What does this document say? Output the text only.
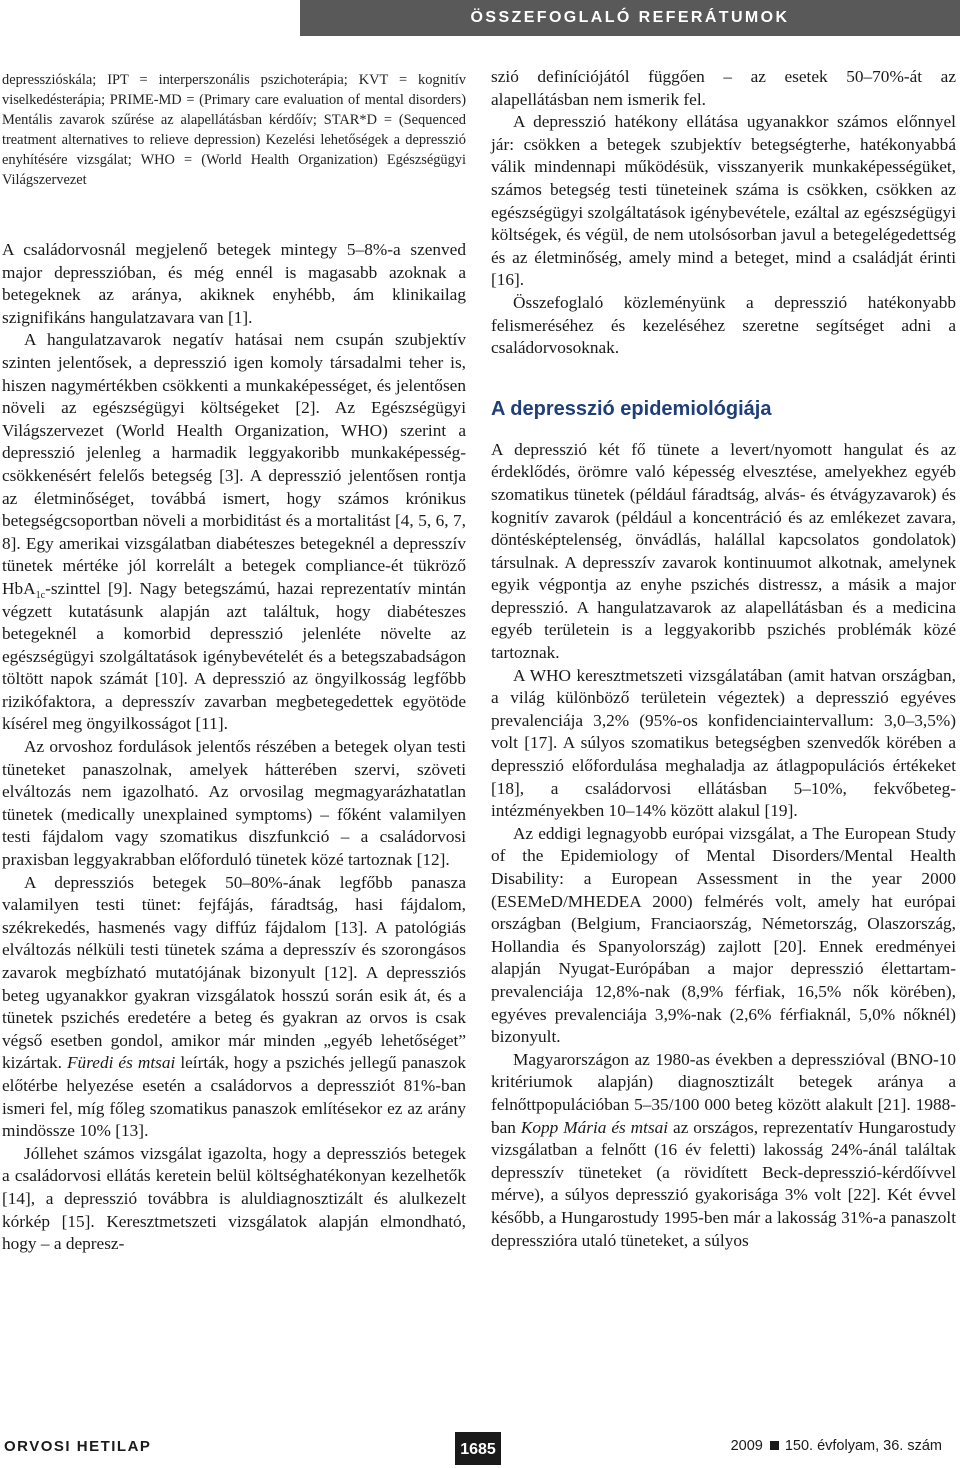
ÖSSZEFOGLALÓ REFERÁTUMOK

depressziós​kála; IPT = interperszonális pszichoterápia; KVT = kognitív viselkedésterápia; PRIME-MD = (Primary care evaluation of mental disorders) Mentális zavarok szűrése az alapellátásban kérdőív; STAR*D = (Sequenced treatment alternatives to relieve depression) Kezelési lehetőségek a depresszió enyhítésére vizsgálat; WHO = (World Health Organization) Egészségügyi Világszervezet

A családorvosnál megjelenő betegek mintegy 5–8%-a szenved major depresszióban, és még ennél is magasabb azoknak a betegeknek az aránya, akiknek enyhébb, ám klinikailag szignifikáns hangulatzavara van [1].

A hangulatzavarok negatív hatásai nem csupán szubjektív szinten jelentősek, a depresszió igen komoly társadalmi teher is, hiszen nagymértékben csökkenti a munkaképességet, és jelentősen növeli az egészségügyi költségeket [2]. Az Egészségügyi Világszervezet (World Health Organization, WHO) szerint a depresszió jelenleg a harmadik leggyakoribb munkaképesség-csökkenésért felelős betegség [3]. A depresszió jelentősen rontja az életminőséget, továbbá ismert, hogy számos krónikus betegségcsoportban növeli a morbiditást és a mortalitást [4, 5, 6, 7, 8]. Egy amerikai vizsgálatban diabéteszes betegeknél a depresszív tünetek mértéke jól korrelált a betegek compliance-ét tükröző HbA$_{1c}$-szinttel [9]. Nagy betegszámú, hazai reprezentatív mintán végzett kutatásunk alapján azt találtuk, hogy diabéteszes betegeknél a komorbid depresszió jelenléte növelte az egészségügyi szolgáltatások igénybevételét és a betegszabadságon töltött napok számát [10]. A depresszió az öngyilkosság legfőbb rizikófaktora, a depresszív zavarban megbetegedettek egyötöde kísérel meg öngyilkosságot [11].

Az orvoshoz fordulások jelentős részében a betegek olyan testi tüneteket panaszolnak, amelyek hátterében szervi, szöveti elváltozás nem igazolható. Az orvosilag megmagyarázhatatlan tünetek (medically unexplained symptoms) – főként valamilyen testi fájdalom vagy szomatikus diszfunkció – a családorvosi praxisban leggyakrabban előforduló tünetek közé tartoznak [12].

A depressziós betegek 50–80%-ának legfőbb panasza valamilyen testi tünet: fejfájás, fáradtság, hasi fájdalom, székrekedés, hasmenés vagy diffúz fájdalom [13]. A patológiás elváltozás nélküli testi tünetek száma a depresszív és szorongásos zavarok megbízható mutatójának bizonyult [12]. A depressziós beteg ugyanakkor gyakran vizsgálatok hosszú során esik át, és a tünetek pszichés eredetére a beteg és gyakran az orvos is csak végső esetben gondol, amikor már minden „egyéb lehetőséget” kizártak. Füredi és mtsai leírták, hogy a pszichés jellegű panaszok előtérbe helyezése esetén a családorvos a depressziót 81%-ban ismeri fel, míg főleg szomatikus panaszok említésekor ez az arány mindössze 10% [13].

Jóllehet számos vizsgálat igazolta, hogy a depressziós betegek a családorvosi ellátás keretein belül költséghatékonyan kezelhetők [14], a depresszió továbbra is aluldiagnosztizált és alulkezelt kórkép [15]. Keresztmetszeti vizsgálatok alapján elmondható, hogy – a depresz-

szió definíciójától függően – az esetek 50–70%-át az alapellátásban nem ismerik fel.

A depresszió hatékony ellátása ugyanakkor számos előnnyel jár: csökken a betegek szubjektív betegségterhe, hatékonyabbá válik mindennapi működésük, visszanyerik munkaképességüket, számos betegség testi tüneteinek száma is csökken, csökken az egészségügyi szolgáltatások igénybevétele, ezáltal az egészségügyi költségek, és végül, de nem utolsósorban javul a betegelégedettség és az életminőség, amely mind a beteget, mind a családját érinti [16].

Összefoglaló közleményünk a depresszió hatékonyabb felismeréséhez és kezeléséhez szeretne segítséget adni a családorvosoknak.

A depresszió epidemiológiája

A depresszió két fő tünete a levert/nyomott hangulat és az érdeklődés, örömre való képesség elvesztése, amelyekhez egyéb szomatikus tünetek (például fáradtság, alvás- és étvágyzavarok) és kognitív zavarok (például a koncentráció és az emlékezet zavara, döntésképtelenség, önvádlás, halállal kapcsolatos gondolatok) társulnak. A depresszív zavarok kontinuumot alkotnak, amelynek egyik végpontja az enyhe pszichés distressz, a másik a major depresszió. A hangulatzavarok az alapellátásban és a medicina egyéb területein is a leggyakoribb pszichés problémák közé tartoznak.

A WHO keresztmetszeti vizsgálatában (amit hatvan országban, a világ különböző területein végeztek) a depresszió egyéves prevalenciája 3,2% (95%-os konfidenciaintervallum: 3,0–3,5%) volt [17]. A súlyos szomatikus betegségben szenvedők körében a depresszió előfordulása meghaladja az átlagpopulációs értékeket [18], a családorvosi ellátásban 5–10%, fekvőbeteg-intézményekben 10–14% között alakul [19].

Az eddigi legnagyobb európai vizsgálat, a The European Study of the Epidemiology of Mental Disorders/Mental Health Disability: a European Assessment in the year 2000 (ESEMeD/MHEDEA 2000) felmérés volt, amely hat európai országban (Belgium, Franciaország, Németország, Olaszország, Hollandia és Spanyolország) zajlott [20]. Ennek eredményei alapján Nyugat-Európában a major depresszió élettartam-prevalenciája 12,8%-nak (8,9% férfiak, 16,5% nők körében), egyéves prevalenciája 3,9%-nak (2,6% férfiaknál, 5,0% nőknél) bizonyult.

Magyarországon az 1980-as években a depresszióval (BNO-10 kritériumok alapján) diagnosztizált betegek aránya a felnőttpopulációban 5–35/100 000 beteg között alakult [21]. 1988-ban Kopp Mária és mtsai az országos, reprezentatív Hungarostudy vizsgálatban a felnőtt (16 év feletti) lakosság 24%-ánál találtak depresszív tüneteket (a rövidített Beck-depresszió-kérdőívvel mérve), a súlyos depresszió gyakorisága 3% volt [22]. Két évvel később, a Hungarostudy 1995-ben már a lakosság 31%-a panaszolt depresszióra utaló tüneteket, a súlyos

ORVOSI HETILAP	1685	2009 150. évfolyam, 36. szám
